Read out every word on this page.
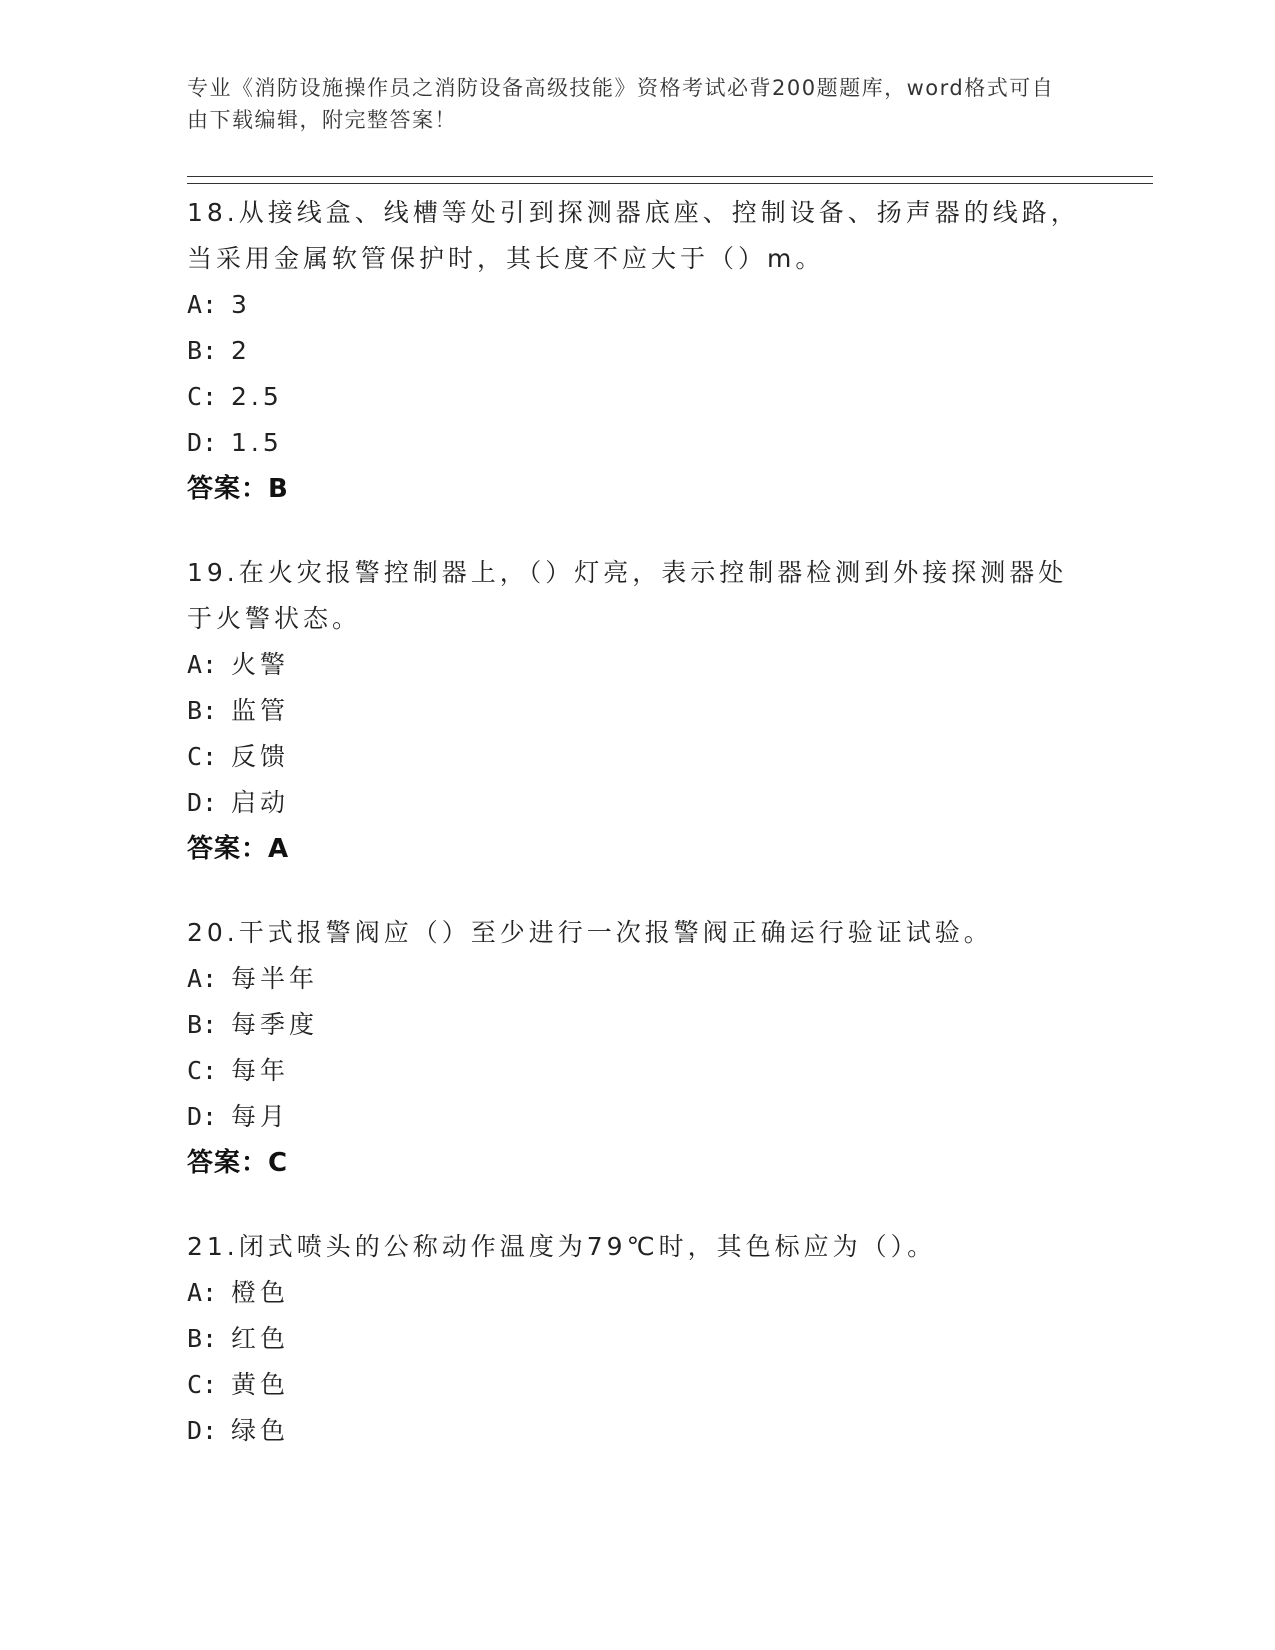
专业《消防设施操作员之消防设备高级技能》资格考试必背200题题库，word格式可自由下载编辑，附完整答案！

18.从接线盒、线槽等处引到探测器底座、控制设备、扬声器的线路，当采用金属软管保护时，其长度不应大于（）m。

A: 3
B: 2
C: 2.5
D: 1.5
答案：B

19.在火灾报警控制器上，（）灯亮，表示控制器检测到外接探测器处于火警状态。

A: 火警
B: 监管
C: 反馈
D: 启动
答案：A

20.干式报警阀应（）至少进行一次报警阀正确运行验证试验。

A: 每半年
B: 每季度
C: 每年
D: 每月
答案：C

21.闭式喷头的公称动作温度为79℃时，其色标应为（）。

A: 橙色
B: 红色
C: 黄色
D: 绿色
